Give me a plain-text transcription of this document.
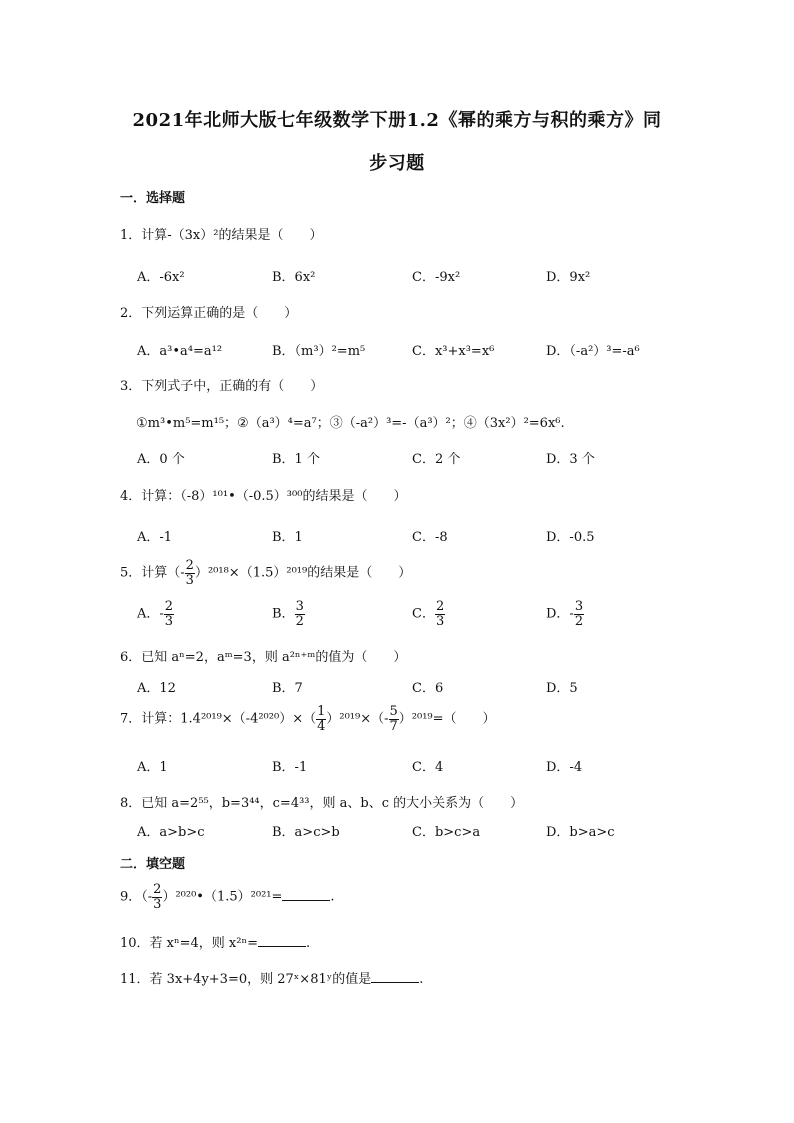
2021年北师大版七年级数学下册1.2《幂的乘方与积的乘方》同
步习题
一．选择题
1．计算-（3x）²的结果是（　　）
A．-6x²	B．6x²	C．-9x²	D．9x²
2．下列运算正确的是（　　）
A．a³•a⁴=a¹²	B．（m³）²=m⁵	C．x³+x³=x⁶	D．（-a²）³=-a⁶
3．下列式子中，正确的有（　　）
①m³•m⁵=m¹⁵；②（a³）⁴=a⁷；③（-a²）³=-（a³）²；④（3x²）²=6x⁶.
A．0 个	B．1 个	C．2 个	D．3 个
4．计算：（-8）¹⁰¹•（-0.5）³⁰⁰的结果是（　　）
A．-1	B．1	C．-8	D．-0.5
5．计算（- $\frac{2}{3} )^{2018}\times(1.5)^{2019}$的结果是（　　）
A．- $\frac{2}{3}$	B． $\frac{3}{2}$	C． $\frac{2}{3}$	D．- $\frac{3}{2}$
6．已知 aⁿ=2，aᵐ=3，则 a²ⁿ⁺ᵐ的值为（　　）
A．12	B．7	C．6	D．5
7．计算：$1.4^{2019}\times(-4^{2020})\times( \frac{1}{4} )^{2019}\times(- \frac{5}{7} )^{2019}=$（　　）
A．1	B．-1	C．4	D．-4
8．已知 a=2⁵⁵，b=3⁴⁴，c=4³³，则 a、b、c 的大小关系为（　　）
A．a>b>c	B．a>c>b	C．b>c>a	D．b>a>c
二．填空题
9．（- $\frac{2}{3}$ ）²⁰²⁰•（1.5）²⁰²¹=	.
10．若 xⁿ=4，则 x²ⁿ=	.
11．若 3x+4y+3=0，则 27ˣ×81ʸ的值是	.
